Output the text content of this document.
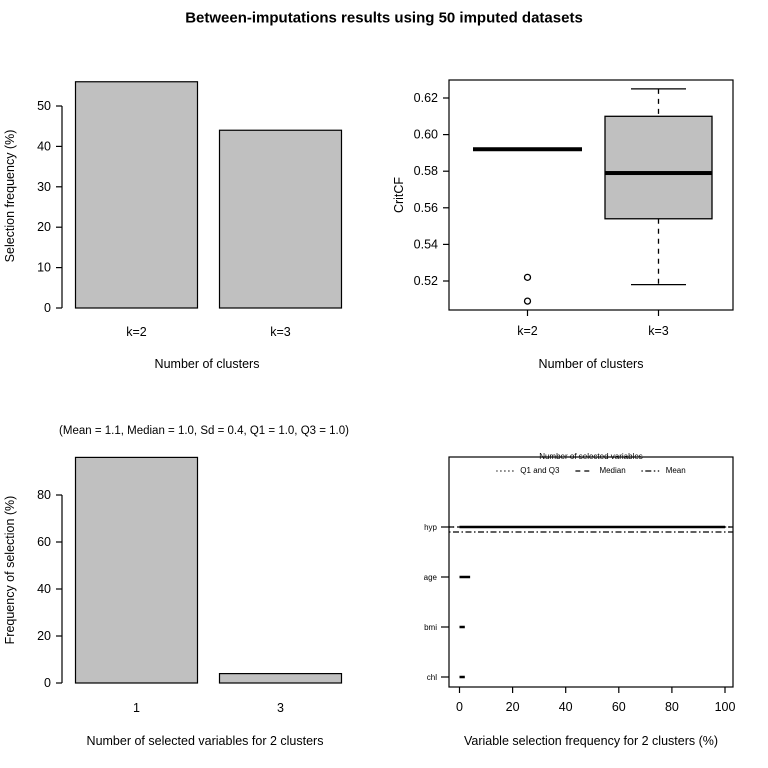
0
10
20
30
40
50
k=2	k=3
0.52
0.54
0.56
0.58
0.60
0.62
k=2	k=3
0
20
40
60
80
1	3	0	20	40	60	80	100
hyp
age
bmi
chl
Between-imputations results using 50 imputed datasets
Selection frequency (%)
Number of clusters
CritCF
Number of clusters
(Mean = 1.1, Median = 1.0, Sd = 0.4, Q1 = 1.0, Q3 = 1.0)
Frequency of selection (%)
Number of selected variables for 2 clusters	Variable selection frequency for 2 clusters (%)
Number of selected variables
Q1 and Q3	Median	Mean
